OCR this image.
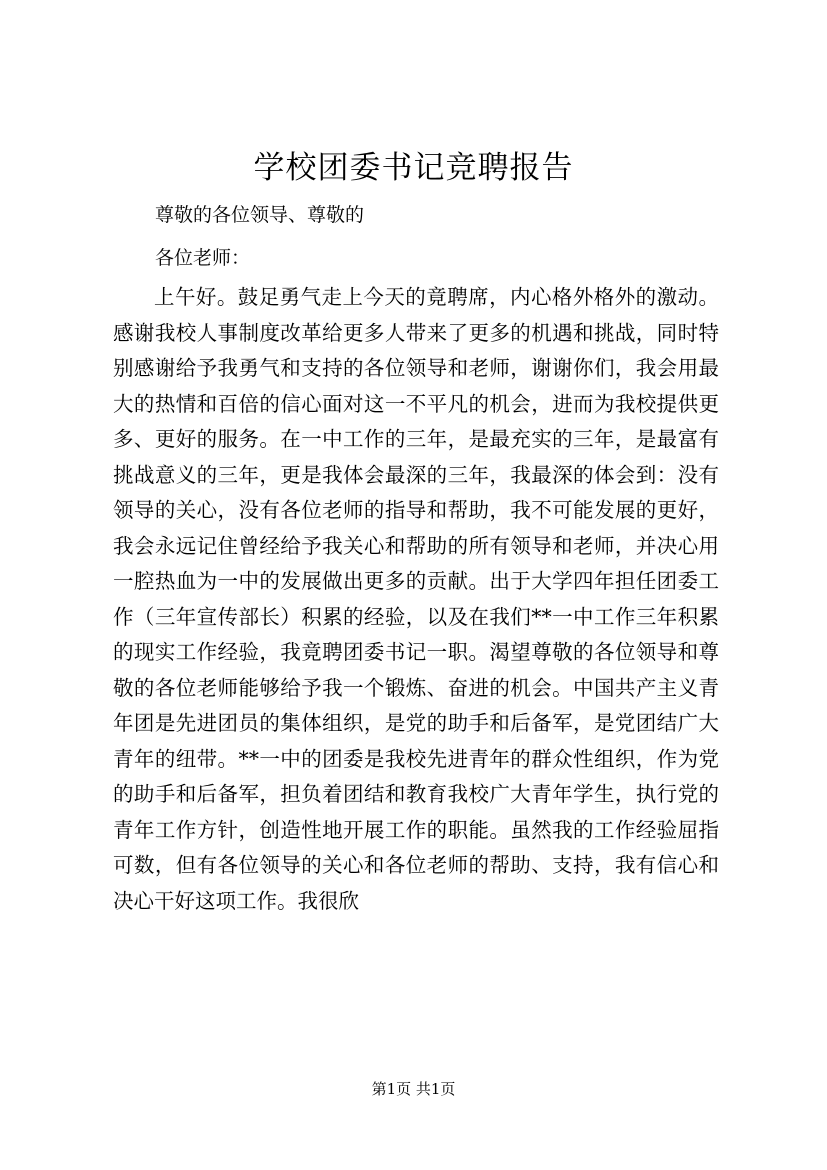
学校团委书记竞聘报告
尊敬的各位领导、尊敬的
各位老师：

上午好。鼓足勇气走上今天的竟聘席，内心格外格外的激动。感谢我校人事制度改革给更多人带来了更多的机遇和挑战，同时特别感谢给予我勇气和支持的各位领导和老师，谢谢你们，我会用最大的热情和百倍的信心面对这一不平凡的机会，进而为我校提供更多、更好的服务。在一中工作的三年，是最充实的三年，是最富有挑战意义的三年，更是我体会最深的三年，我最深的体会到：没有领导的关心，没有各位老师的指导和帮助，我不可能发展的更好，我会永远记住曾经给予我关心和帮助的所有领导和老师，并决心用一腔热血为一中的发展做出更多的贡献。出于大学四年担任团委工作（三年宣传部长）积累的经验，以及在我们**一中工作三年积累的现实工作经验，我竟聘团委书记一职。渴望尊敬的各位领导和尊敬的各位老师能够给予我一个锻炼、奋进的机会。中国共产主义青年团是先进团员的集体组织，是党的助手和后备军，是党团结广大青年的纽带。**一中的团委是我校先进青年的群众性组织，作为党的助手和后备军，担负着团结和教育我校广大青年学生，执行党的青年工作方针，创造性地开展工作的职能。虽然我的工作经验屈指可数，但有各位领导的关心和各位老师的帮助、支持，我有信心和决心干好这项工作。我很欣

第1页 共1页
